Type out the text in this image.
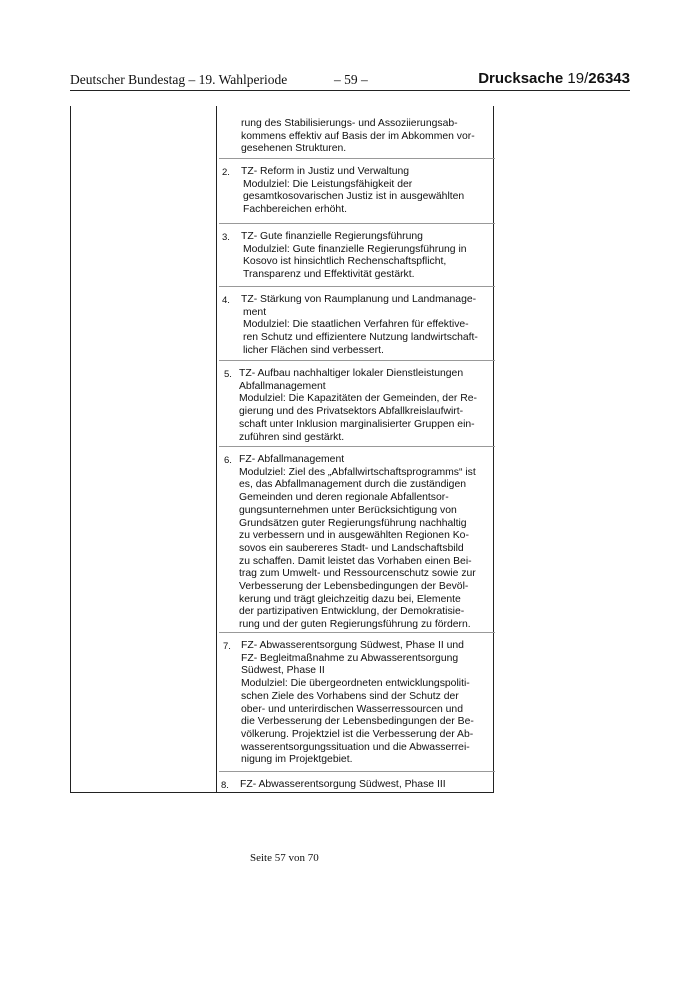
Deutscher Bundestag – 19. Wahlperiode	– 59 –	Drucksache 19/26343
rung des Stabilisierungs- und Assoziierungsab-
kommens effektiv auf Basis der im Abkommen vor-
gesehenen Strukturen.
2. TZ- Reform in Justiz und Verwaltung
Modulziel: Die Leistungsfähigkeit der
gesamtkosovarischen Justiz ist in ausgewählten
Fachbereichen erhöht.
3. TZ- Gute finanzielle Regierungsführung
Modulziel: Gute finanzielle Regierungsführung in
Kosovo ist hinsichtlich Rechenschaftspflicht,
Transparenz und Effektivität gestärkt.
4. TZ- Stärkung von Raumplanung und Landmanage-
ment
Modulziel: Die staatlichen Verfahren für effektive-
ren Schutz und effizientere Nutzung landwirtschaft-
licher Flächen sind verbessert.
5. TZ- Aufbau nachhaltiger lokaler Dienstleistungen
Abfallmanagement
Modulziel: Die Kapazitäten der Gemeinden, der Re-
gierung und des Privatsektors Abfallkreislaufwirt-
schaft unter Inklusion marginalisierter Gruppen ein-
zuführen sind gestärkt.
6. FZ- Abfallmanagement
Modulziel: Ziel des „Abfallwirtschaftsprogramms“ ist
es, das Abfallmanagement durch die zuständigen
Gemeinden und deren regionale Abfallentsor-
gungsunternehmen unter Berücksichtigung von
Grundsätzen guter Regierungsführung nachhaltig
zu verbessern und in ausgewählten Regionen Ko-
sovos ein saubereres Stadt- und Landschaftsbild
zu schaffen. Damit leistet das Vorhaben einen Bei-
trag zum Umwelt- und Ressourcenschutz sowie zur
Verbesserung der Lebensbedingungen der Bevöl-
kerung und trägt gleichzeitig dazu bei, Elemente
der partizipativen Entwicklung, der Demokratisie-
rung und der guten Regierungsführung zu fördern.
7. FZ- Abwasserentsorgung Südwest, Phase II und
FZ- Begleitmaßnahme zu Abwasserentsorgung
Südwest, Phase II
Modulziel: Die übergeordneten entwicklungspoliti-
schen Ziele des Vorhabens sind der Schutz der
ober- und unterirdischen Wasserressourcen und
die Verbesserung der Lebensbedingungen der Be-
völkerung. Projektziel ist die Verbesserung der Ab-
wasserentsorgungssituation und die Abwasserrei-
nigung im Projektgebiet.
8. FZ- Abwasserentsorgung Südwest, Phase III
Seite 57 von 70
